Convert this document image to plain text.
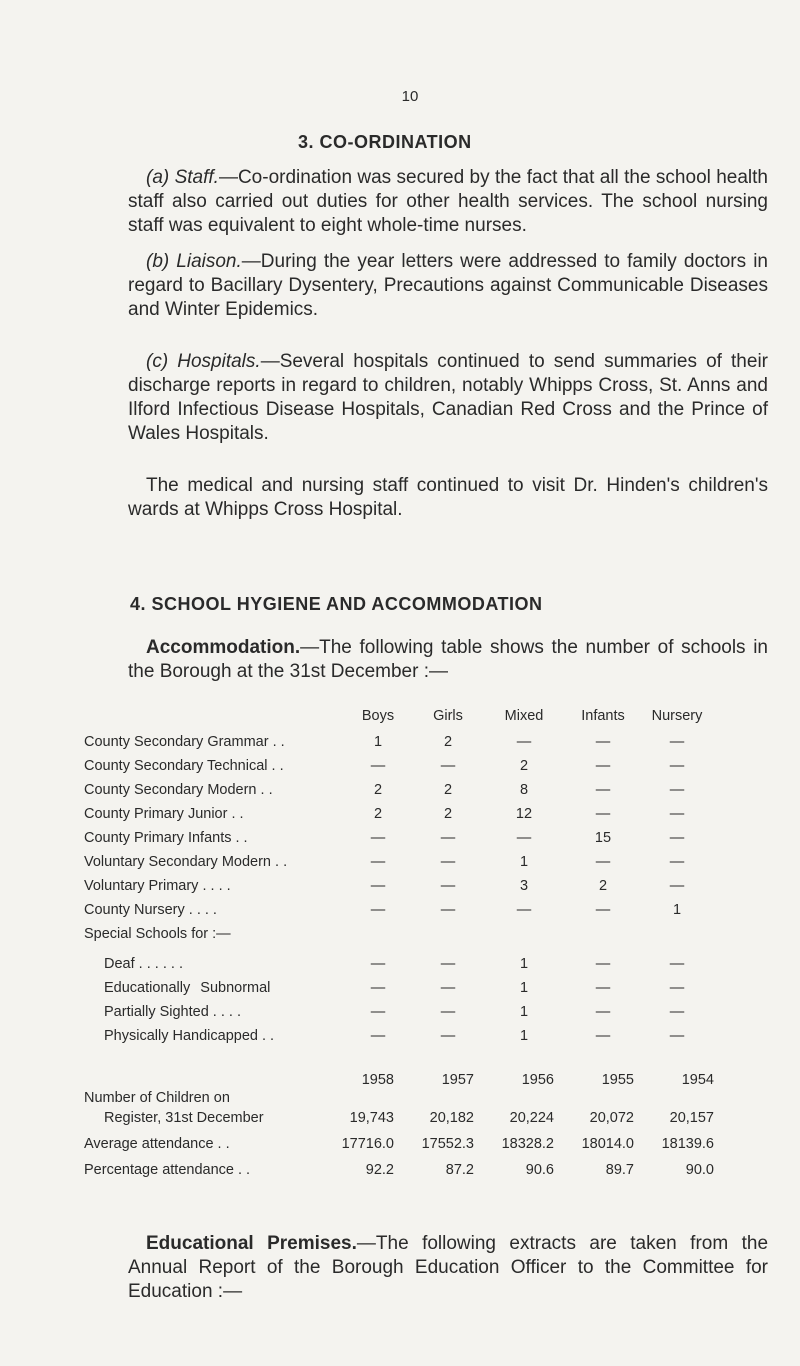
10
3. CO-ORDINATION

(a) Staff.—Co-ordination was secured by the fact that all the school health staff also carried out duties for other health services. The school nursing staff was equivalent to eight whole-time nurses.

(b) Liaison.—During the year letters were addressed to family doctors in regard to Bacillary Dysentery, Precautions against Communicable Diseases and Winter Epidemics.

(c) Hospitals.—Several hospitals continued to send summaries of their discharge reports in regard to children, notably Whipps Cross, St. Anns and Ilford Infectious Disease Hospitals, Canadian Red Cross and the Prince of Wales Hospitals.

The medical and nursing staff continued to visit Dr. Hinden's children's wards at Whipps Cross Hospital.

4. SCHOOL HYGIENE AND ACCOMMODATION

Accommodation.—The following table shows the number of schools in the Borough at the 31st December :—

Boys	Girls	Mixed	Infants	Nursery
County Secondary Grammar . .	1	2	—	—	—
County Secondary Technical . .	—	—	2	—	—
County Secondary Modern . .	2	2	8	—	—
County Primary Junior . .	2	2	12	—	—
County Primary Infants . .	—	—	—	15	—
Voluntary Secondary Modern . .	—	—	1	—	—
Voluntary Primary . . . .	—	—	3	2	—
County Nursery . . . .	—	—	—	—	1
Special Schools for :—
Deaf . . . . . .	—	—	1	—	—
Educationally Subnormal	—	—	1	—	—
Partially Sighted . . . .	—	—	1	—	—
Physically Handicapped . .	—	—	1	—	—
1958	1957	1956	1955	1954
Number of Children on
Register, 31st December	19,743	20,182	20,224	20,072	20,157
Average attendance . .	17716.0	17552.3	18328.2	18014.0	18139.6
Percentage attendance . .	92.2	87.2	90.6	89.7	90.0

Educational Premises.—The following extracts are taken from the Annual Report of the Borough Education Officer to the Committee for Education :—
